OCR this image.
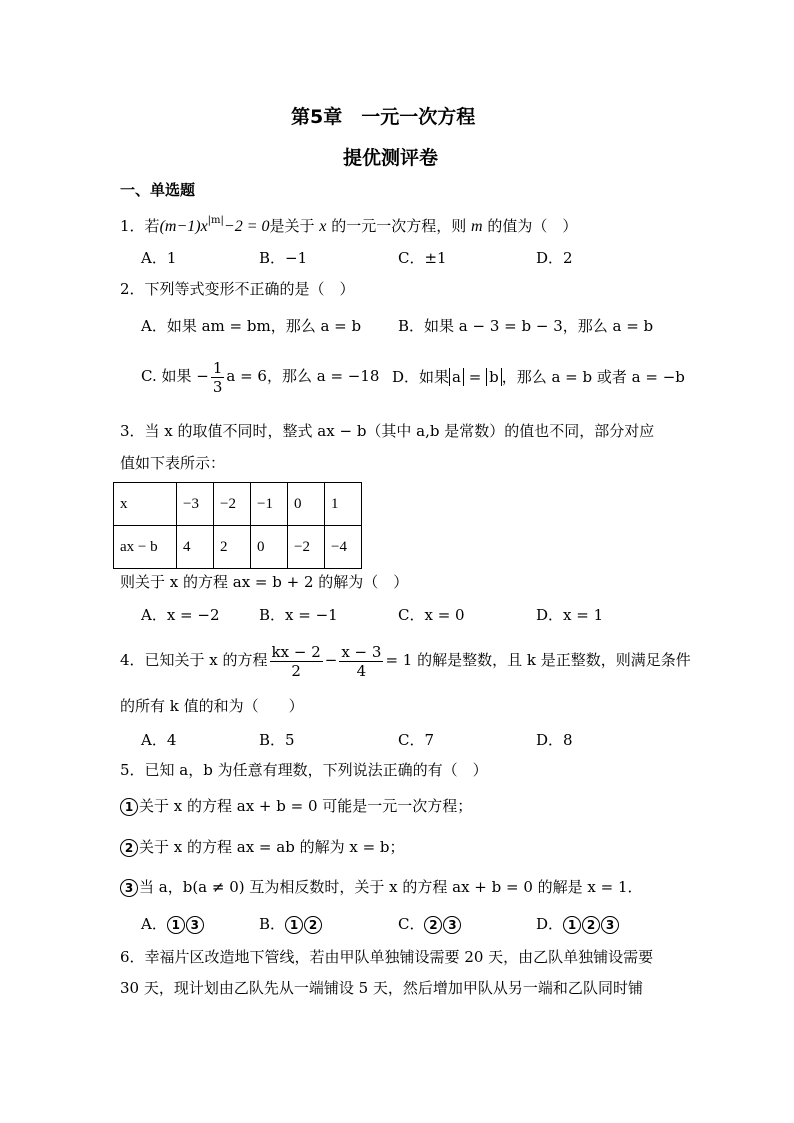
第5章　一元一次方程
提优测评卷
一、单选题
1．若$(m-1)x^{|m|}-2 = 0$是关于 x 的一元一次方程，则 m 的值为（　）
A．1	B．−1	C．±1	D．2
2．下列等式变形不正确的是（　）
A．如果 am = bm，那么 a = b B．如果 a − 3 = b − 3，那么 a = b
C. 如果 − $\frac{1}{3}$ a = 6，那么 a = −18 D．如果 a = b ，那么 a = b 或者 a = −b
3．当 x 的取值不同时，整式 ax − b（其中 a,b 是常数）的值也不同，部分对应
值如下表所示：
x	−3	−2	−1	0	1
ax − b	4	2	0	−2	−4
则关于 x 的方程 ax = b + 2 的解为（　）
A．x = −2	B．x = −1	C．x = 0	D．x = 1
4．已知关于 x 的方程 $\frac{kx - 2}{2} - \frac{x - 3}{4} = 1$ 的解是整数，且 k 是正整数，则满足条件
的所有 k 值的和为（　　）
A．4	B．5	C．7	D．8
5．已知 a，b 为任意有理数，下列说法正确的有（　）
1 关于 x 的方程 ax + b = 0 可能是一元一次方程；
2 关于 x 的方程 ax = ab 的解为 x = b；
3 当 a，b(a ≠ 0) 互为相反数时，关于 x 的方程 ax + b = 0 的解是 x = 1．
A． 1 3	B． 1 2	C． 2 3	D． 1 2 3
6．幸福片区改造地下管线，若由甲队单独铺设需要 20 天，由乙队单独铺设需要
30 天，现计划由乙队先从一端铺设 5 天，然后增加甲队从另一端和乙队同时铺
